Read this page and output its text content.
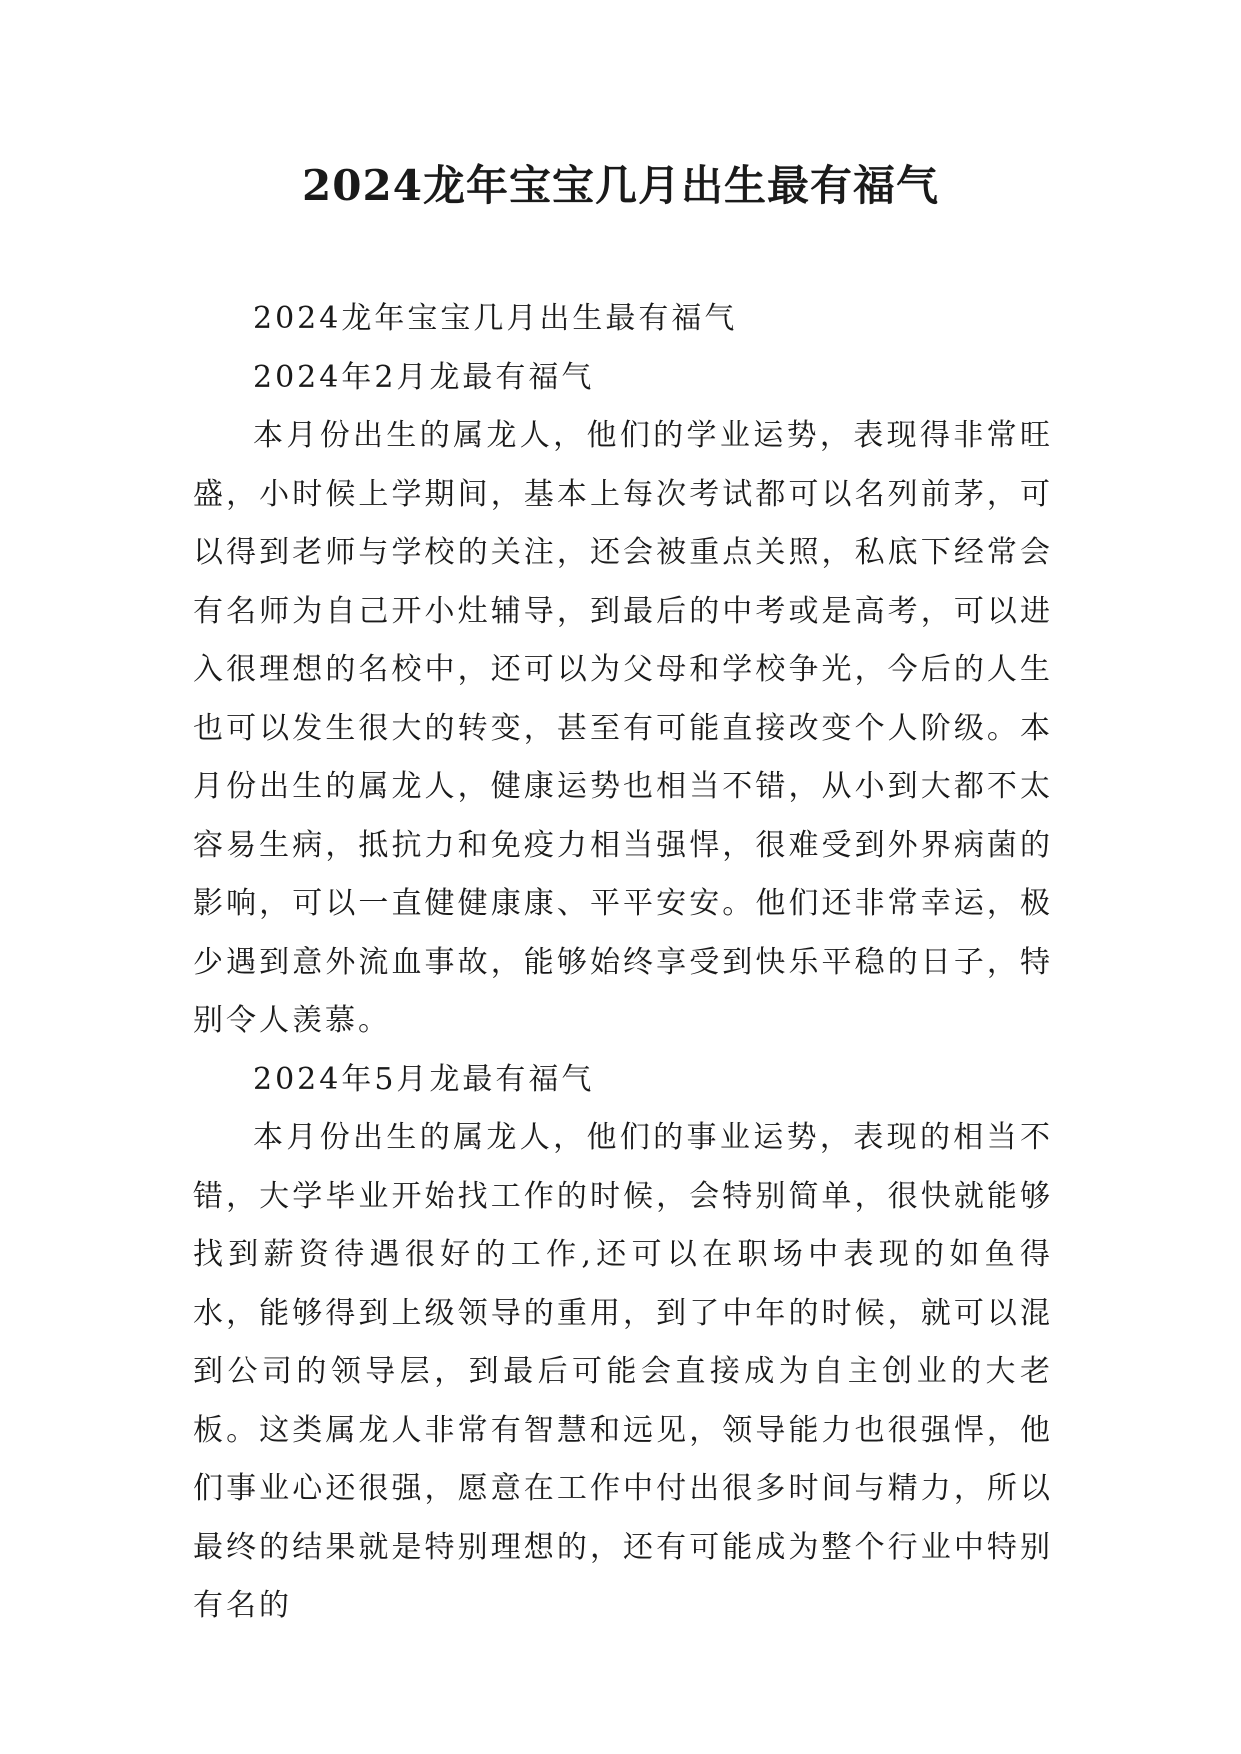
2024龙年宝宝几月出生最有福气

2024龙年宝宝几月出生最有福气

2024年2月龙最有福气

本月份出生的属龙人，他们的学业运势，表现得非常旺盛，小时候上学期间，基本上每次考试都可以名列前茅，可以得到老师与学校的关注，还会被重点关照，私底下经常会有名师为自己开小灶辅导，到最后的中考或是高考，可以进入很理想的名校中，还可以为父母和学校争光，今后的人生也可以发生很大的转变，甚至有可能直接改变个人阶级。本月份出生的属龙人，健康运势也相当不错，从小到大都不太容易生病，抵抗力和免疫力相当强悍，很难受到外界病菌的影响，可以一直健健康康、平平安安。他们还非常幸运，极少遇到意外流血事故，能够始终享受到快乐平稳的日子，特别令人羡慕。

2024年5月龙最有福气

本月份出生的属龙人，他们的事业运势，表现的相当不错，大学毕业开始找工作的时候，会特别简单，很快就能够找到薪资待遇很好的工作,还可以在职场中表现的如鱼得水，能够得到上级领导的重用，到了中年的时候，就可以混到公司的领导层，到最后可能会直接成为自主创业的大老板。这类属龙人非常有智慧和远见，领导能力也很强悍，他们事业心还很强，愿意在工作中付出很多时间与精力，所以最终的结果就是特别理想的，还有可能成为整个行业中特别有名的
